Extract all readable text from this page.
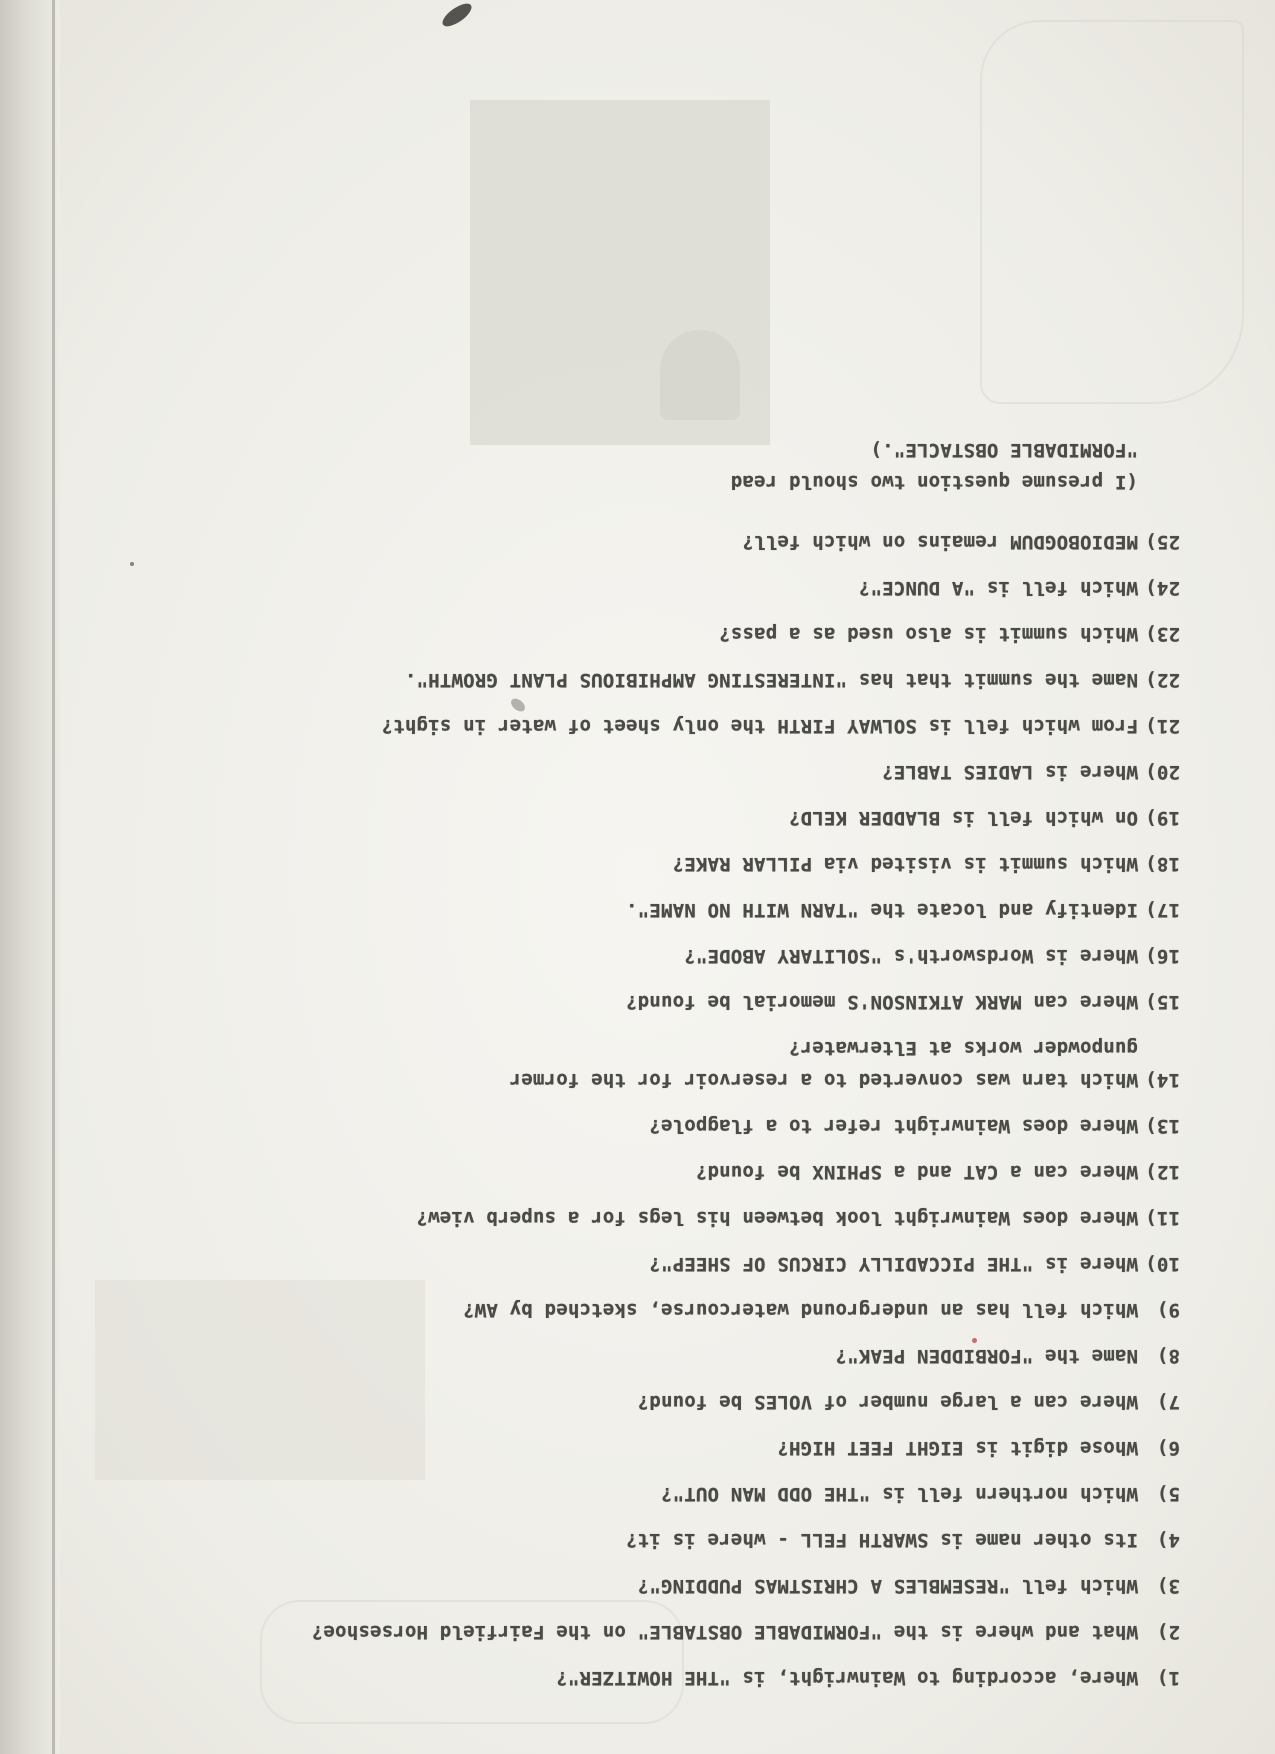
1)
Where, according to Wainwright, is "THE HOWITZER"?
2)
What and where is the "FORMIDABLE OBSTABLE" on the Fairfield Horseshoe?
3)
Which fell "RESEMBLES A CHRISTMAS PUDDING"?
4)
Its other name is SWARTH FELL - where is it?
5)
Which northern fell is "THE ODD MAN OUT"?
6)
Whose digit is EIGHT FEET HIGH?
7)
Where can a large number of VOLES be found?
8)
Name the "FORBIDDEN PEAK"?
9)
Which fell has an underground watercourse, sketched by AW?
10)
Where is "THE PICCADILLY CIRCUS OF SHEEP"?
11)
Where does Wainwright look between his legs for a superb view?
12)
Where can a CAT and a SPHINX be found?
13)
Where does Wainwright refer to a flagpole?
14)
Which tarn was converted to a reservoir for the former
gunpowder works at Elterwater?
15)
Where can MARK ATKINSON'S memorial be found?
16)
Where is Wordsworth's "SOLITARY ABODE"?
17)
Identify and locate the "TARN WITH NO NAME".
18)
Which summit is visited via PILLAR RAKE?
19)
On which fell is BLADDER KELD?
20)
Where is LADIES TABLE?
21)
From which fell is SOLWAY FIRTH the only sheet of water in sight?
22)
Name the summit that has "INTERESTING AMPHIBIOUS PLANT GROWTH".
23)
Which summit is also used as a pass?
24)
Which fell is "A DUNCE"?
25)
MEDIOBOGDUM remains on which fell?
(I presume question two should read
"FORMIDABLE OBSTACLE".)
